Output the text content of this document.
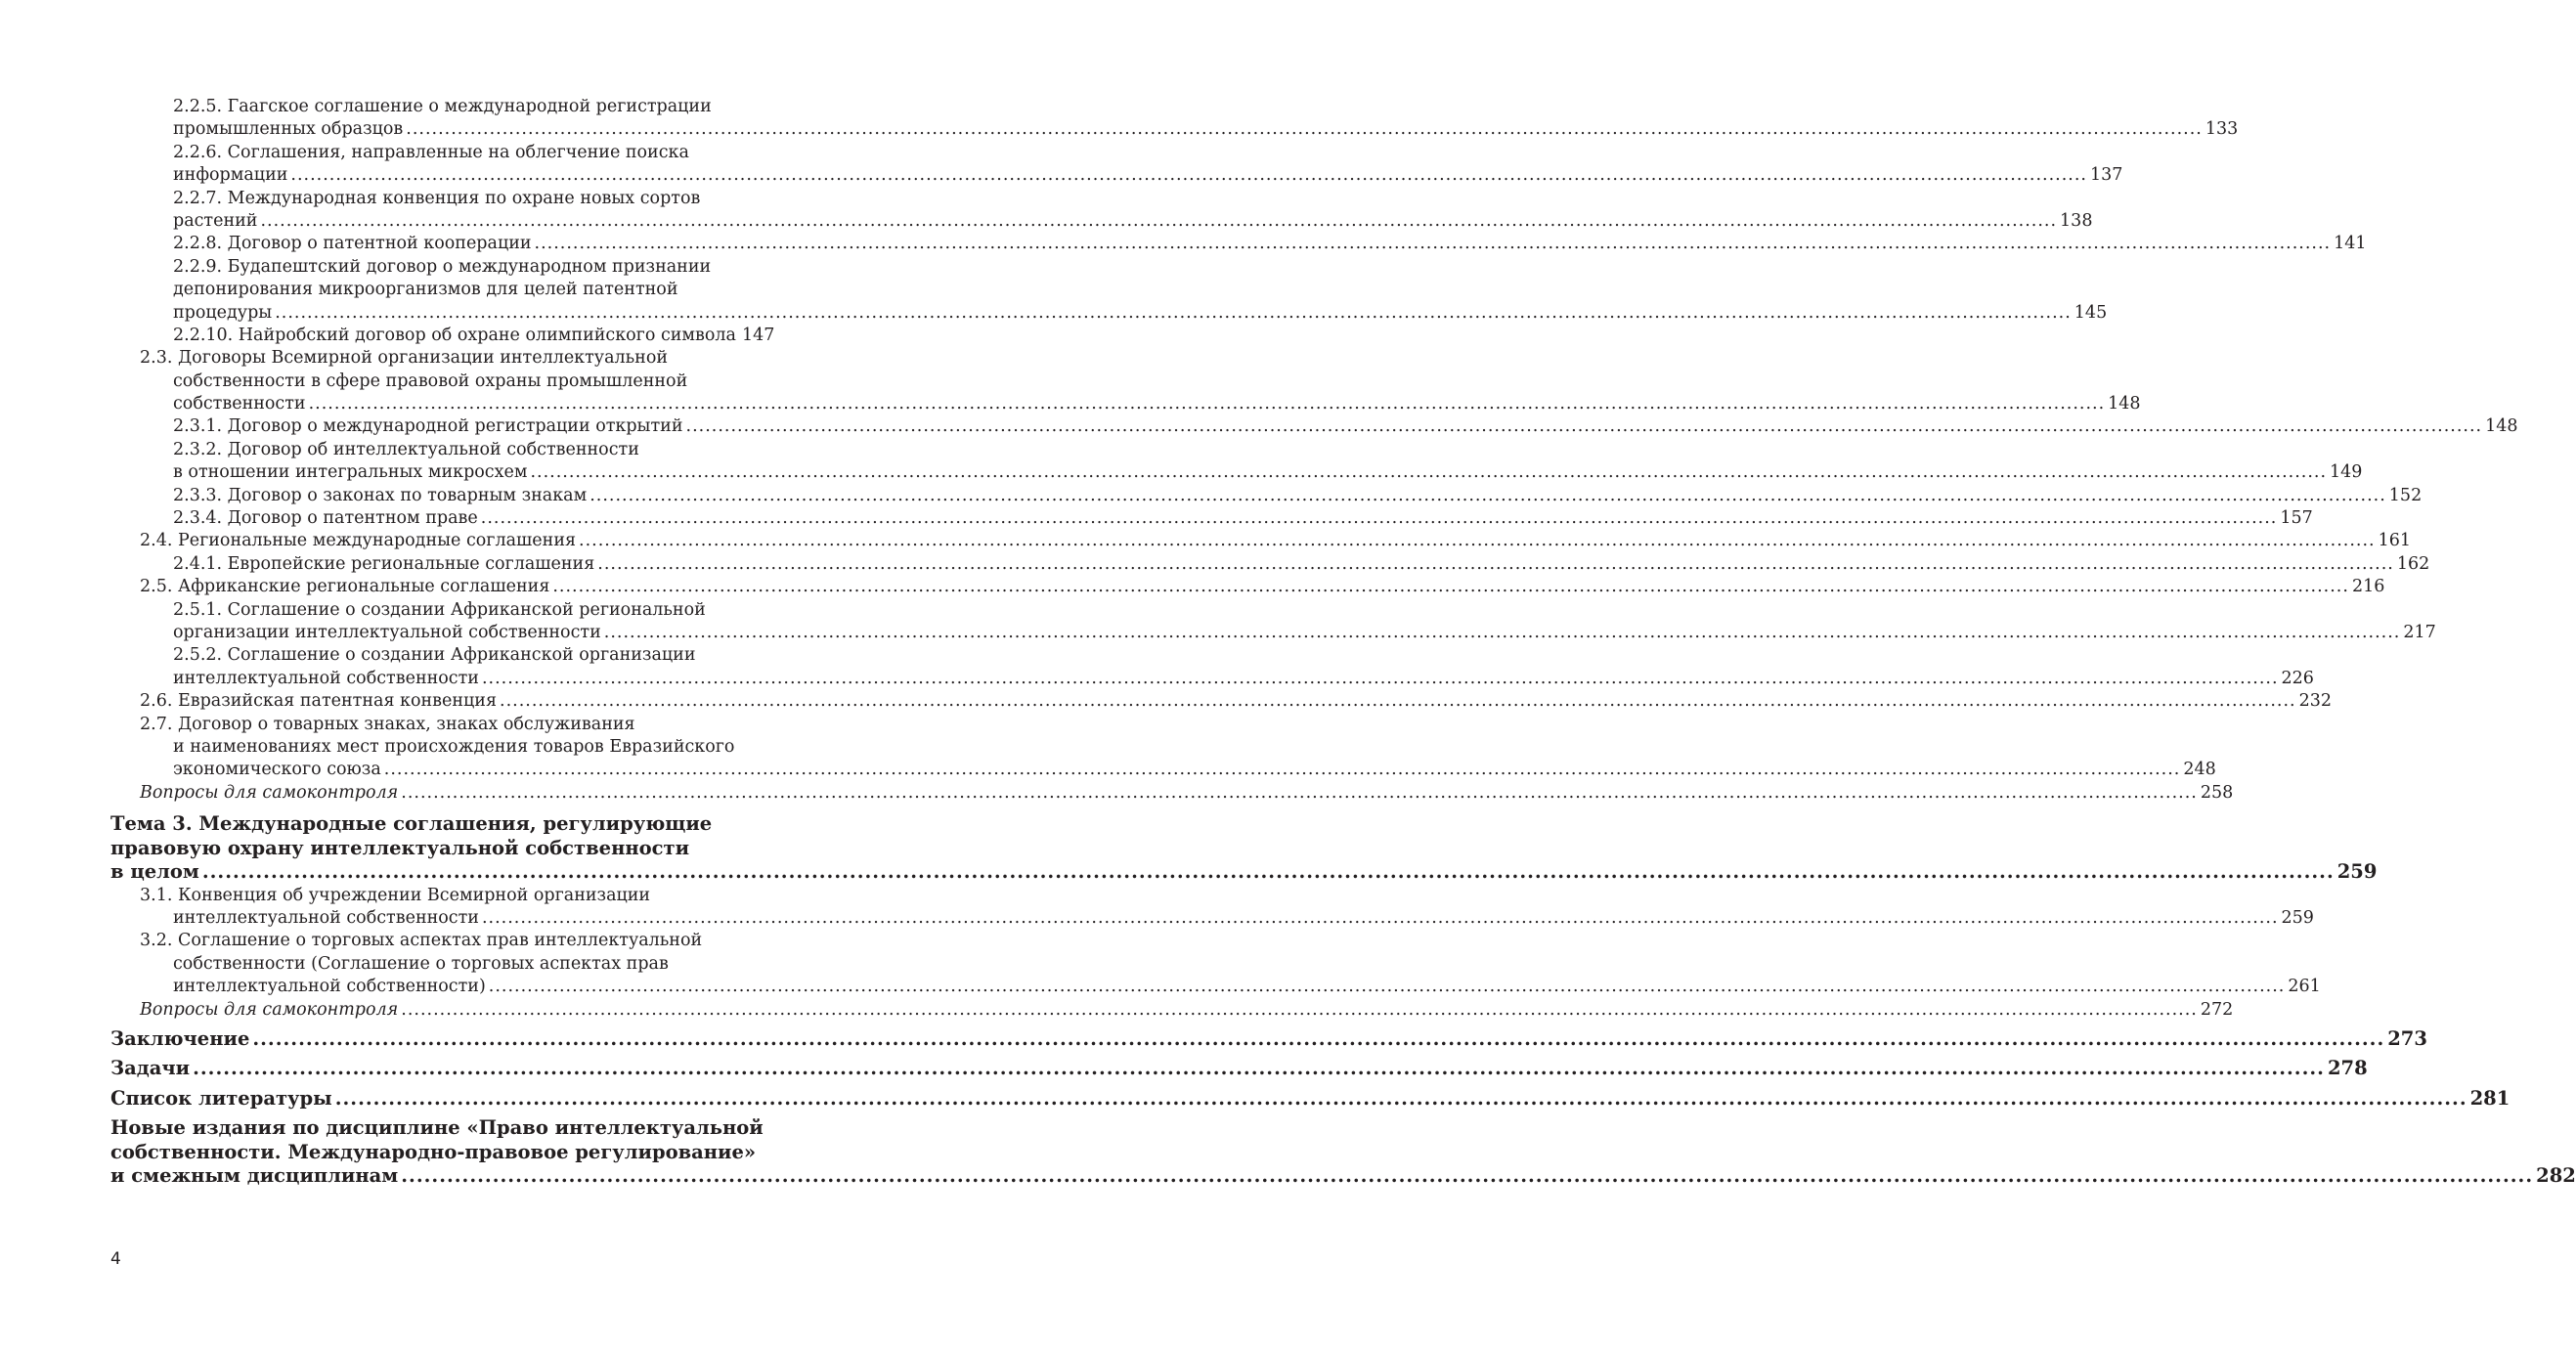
2.2.5. Гаагское соглашение о международной регистрации
промышленных образцов .....	133
2.2.6. Соглашения, направленные на облегчение поиска
информации .....	137
2.2.7. Международная конвенция по охране новых сортов
растений .....	138
2.2.8. Договор о патентной кооперации .....	141
2.2.9. Будапештский договор о международном признании
депонирования микроорганизмов для целей патентной
процедуры .....	145
2.2.10. Найробский договор об охране олимпийского символа 147
2.3. Договоры Всемирной организации интеллектуальной
собственности в сфере правовой охраны промышленной
собственности .....	148
2.3.1. Договор о международной регистрации открытий .....	148
2.3.2. Договор об интеллектуальной собственности
в отношении интегральных микросхем .....	149
2.3.3. Договор о законах по товарным знакам .....	152
2.3.4. Договор о патентном праве .....	157
2.4. Региональные международные соглашения .....	161
2.4.1. Европейские региональные соглашения .....	162
2.5. Африканские региональные соглашения .....	216
2.5.1. Соглашение о создании Африканской региональной
организации интеллектуальной собственности .....	217
2.5.2. Соглашение о создании Африканской организации
интеллектуальной собственности .....	226
2.6. Евразийская патентная конвенция .....	232
2.7. Договор о товарных знаках, знаках обслуживания
и наименованиях мест происхождения товаров Евразийского
экономического союза .....	248
Вопросы для самоконтроля .....	258
Тема 3. Международные соглашения, регулирующие
правовую охрану интеллектуальной собственности
в целом .....	259
3.1. Конвенция об учреждении Всемирной организации
интеллектуальной собственности .....	259
3.2. Соглашение о торговых аспектах прав интеллектуальной
собственности (Соглашение о торговых аспектах прав
интеллектуальной собственности) .....	261
Вопросы для самоконтроля .....	272
Заключение .....	273
Задачи .....	278
Список литературы .....	281
Новые издания по дисциплине «Право интеллектуальной
собственности. Международно-правовое регулирование»
и смежным дисциплинам .....	282
4
